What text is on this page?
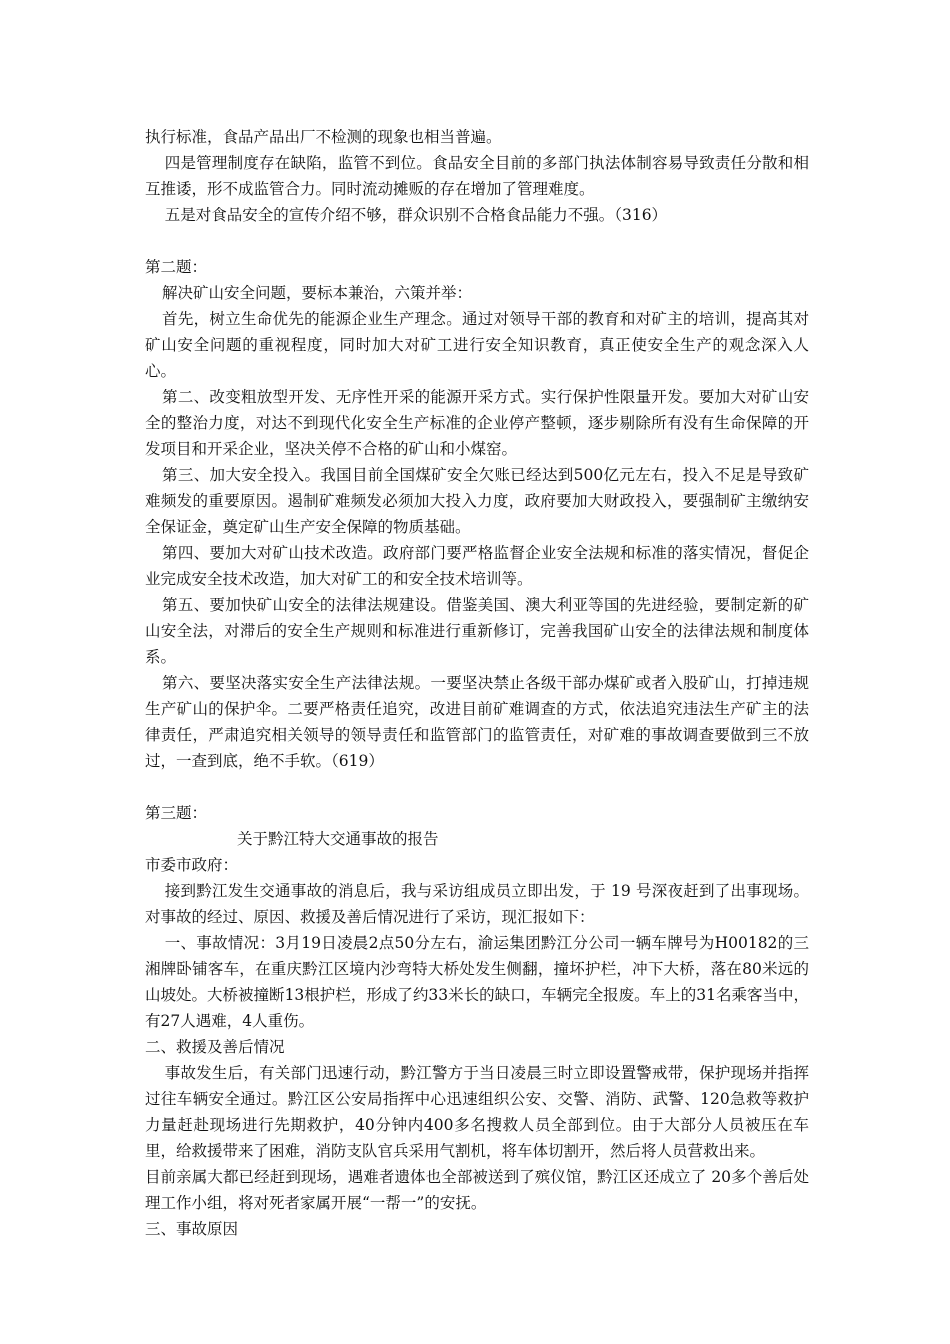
执行标准，食品产品出厂不检测的现象也相当普遍。

四是管理制度存在缺陷，监管不到位。食品安全目前的多部门执法体制容易导致责任分散和相互推诿，形不成监管合力。同时流动摊贩的存在增加了管理难度。

五是对食品安全的宣传介绍不够，群众识别不合格食品能力不强。（316）

第二题：

解决矿山安全问题，要标本兼治，六策并举：

首先，树立生命优先的能源企业生产理念。通过对领导干部的教育和对矿主的培训，提高其对矿山安全问题的重视程度，同时加大对矿工进行安全知识教育，真正使安全生产的观念深入人心。

第二、改变粗放型开发、无序性开采的能源开采方式。实行保护性限量开发。要加大对矿山安全的整治力度，对达不到现代化安全生产标准的企业停产整顿，逐步剔除所有没有生命保障的开发项目和开采企业，坚决关停不合格的矿山和小煤窑。

第三、加大安全投入。我国目前全国煤矿安全欠账已经达到500亿元左右，投入不足是导致矿难频发的重要原因。遏制矿难频发必须加大投入力度，政府要加大财政投入，要强制矿主缴纳安全保证金，奠定矿山生产安全保障的物质基础。

第四、要加大对矿山技术改造。政府部门要严格监督企业安全法规和标准的落实情况，督促企业完成安全技术改造，加大对矿工的和安全技术培训等。

第五、要加快矿山安全的法律法规建设。借鉴美国、澳大利亚等国的先进经验，要制定新的矿山安全法，对滞后的安全生产规则和标准进行重新修订，完善我国矿山安全的法律法规和制度体系。

第六、要坚决落实安全生产法律法规。一要坚决禁止各级干部办煤矿或者入股矿山，打掉违规生产矿山的保护伞。二要严格责任追究，改进目前矿难调查的方式，依法追究违法生产矿主的法律责任，严肃追究相关领导的领导责任和监管部门的监管责任，对矿难的事故调查要做到三不放过，一查到底，绝不手软。（619）

第三题：

关于黔江特大交通事故的报告

市委市政府：

接到黔江发生交通事故的消息后，我与采访组成员立即出发，于 19 号深夜赶到了出事现场。对事故的经过、原因、救援及善后情况进行了采访，现汇报如下：

一、事故情况：3月19日凌晨2点50分左右，渝运集团黔江分公司一辆车牌号为H00182的三湘牌卧铺客车，在重庆黔江区境内沙弯特大桥处发生侧翻，撞坏护栏，冲下大桥，落在80米远的山坡处。大桥被撞断13根护栏，形成了约33米长的缺口，车辆完全报废。车上的31名乘客当中，有27人遇难，4人重伤。

二、救援及善后情况

事故发生后，有关部门迅速行动，黔江警方于当日凌晨三时立即设置警戒带，保护现场并指挥过往车辆安全通过。黔江区公安局指挥中心迅速组织公安、交警、消防、武警、120急救等救护力量赶赴现场进行先期救护，40分钟内400多名搜救人员全部到位。由于大部分人员被压在车里，给救援带来了困难，消防支队官兵采用气割机，将车体切割开，然后将人员营救出来。

目前亲属大都已经赶到现场，遇难者遗体也全部被送到了殡仪馆，黔江区还成立了 20多个善后处理工作小组，将对死者家属开展“一帮一”的安抚。

三、事故原因
